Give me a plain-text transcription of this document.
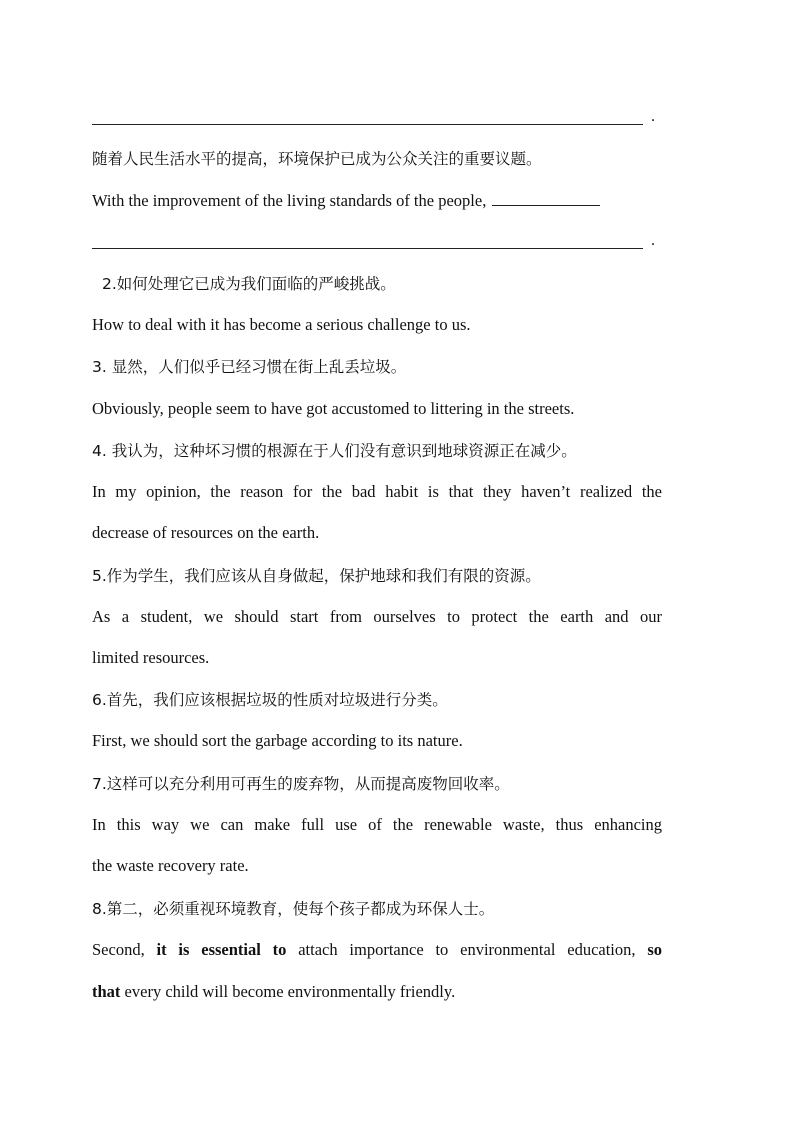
.
随着人民生活水平的提高，环境保护已成为公众关注的重要议题。
With the improvement of the living standards of the people,
.
2.如何处理它已成为我们面临的严峻挑战。
How to deal with it has become a serious challenge to us.
3. 显然，人们似乎已经习惯在街上乱丢垃圾。
Obviously, people seem to have got accustomed to littering in the streets.
4. 我认为，这种坏习惯的根源在于人们没有意识到地球资源正在减少。
In my opinion, the reason for the bad habit is that they haven’t realized the
decrease of resources on the earth.
5.作为学生，我们应该从自身做起，保护地球和我们有限的资源。
As a student, we should start from ourselves to protect the earth and our
limited resources.
6.首先，我们应该根据垃圾的性质对垃圾进行分类。
First, we should sort the garbage according to its nature.
7.这样可以充分利用可再生的废弃物，从而提高废物回收率。
In this way we can make full use of the renewable waste, thus enhancing
the waste recovery rate.
8.第二，必须重视环境教育，使每个孩子都成为环保人士。
Second, it is essential to attach importance to environmental education, so
that every child will become environmentally friendly.
